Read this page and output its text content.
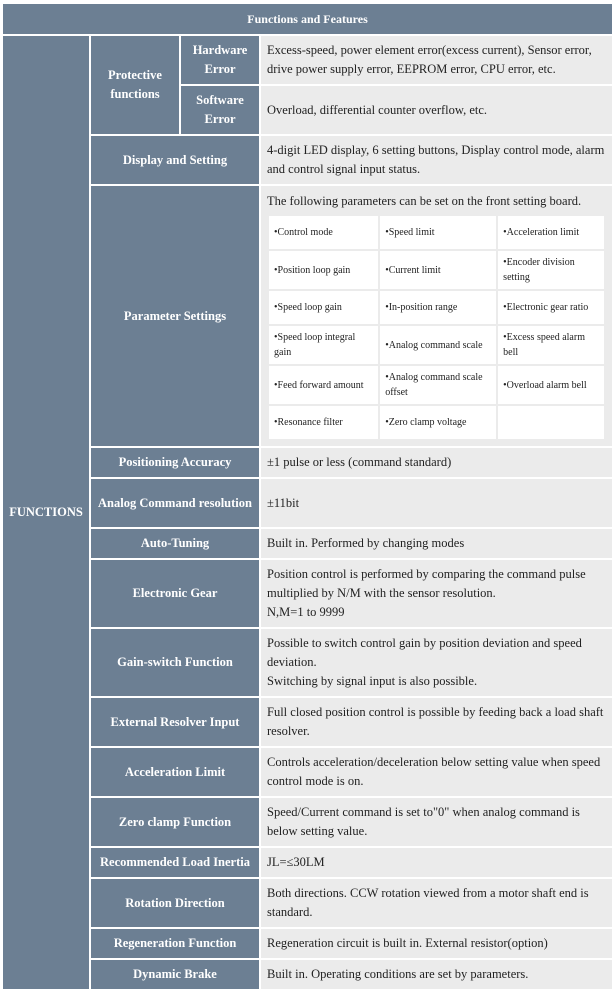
Functions and Features
FUNCTIONS	Protective functions	Hardware Error	Excess-speed, power element error(excess current), Sensor error, drive power supply error, EEPROM error, CPU error, etc.
Software Error	Overload, differential counter overflow, etc.
Display and Setting	4-digit LED display, 6 setting buttons, Display control mode, alarm and control signal input status.
Parameter Settings	
The following parameters can be set on the front setting board.
•Control mode	•Speed limit	•Acceleration limit
•Position loop gain	•Current limit	•Encoder division setting
•Speed loop gain	•In-position range	•Electronic gear ratio
•Speed loop integral gain	•Analog command scale	•Excess speed alarm bell
•Feed forward amount	•Analog command scale offset	•Overload alarm bell
•Resonance filter	•Zero clamp voltage	

Positioning Accuracy	±1 pulse or less (command standard)
Analog Command resolution	±11bit
Auto-Tuning	Built in. Performed by changing modes
Electronic Gear	Position control is performed by comparing the command pulse multiplied by N/M with the sensor resolution.
N,M=1 to 9999
Gain-switch Function	Possible to switch control gain by position deviation and speed deviation.
Switching by signal input is also possible.
External Resolver Input	Full closed position control is possible by feeding back a load shaft resolver.
Acceleration Limit	Controls acceleration/deceleration below setting value when speed control mode is on.
Zero clamp Function	Speed/Current command is set to"0" when analog command is below setting value.
Recommended Load Inertia	JL=≤30LM
Rotation Direction	Both directions. CCW rotation viewed from a motor shaft end is standard.
Regeneration Function	Regeneration circuit is built in. External resistor(option)
Dynamic Brake	Built in. Operating conditions are set by parameters.
